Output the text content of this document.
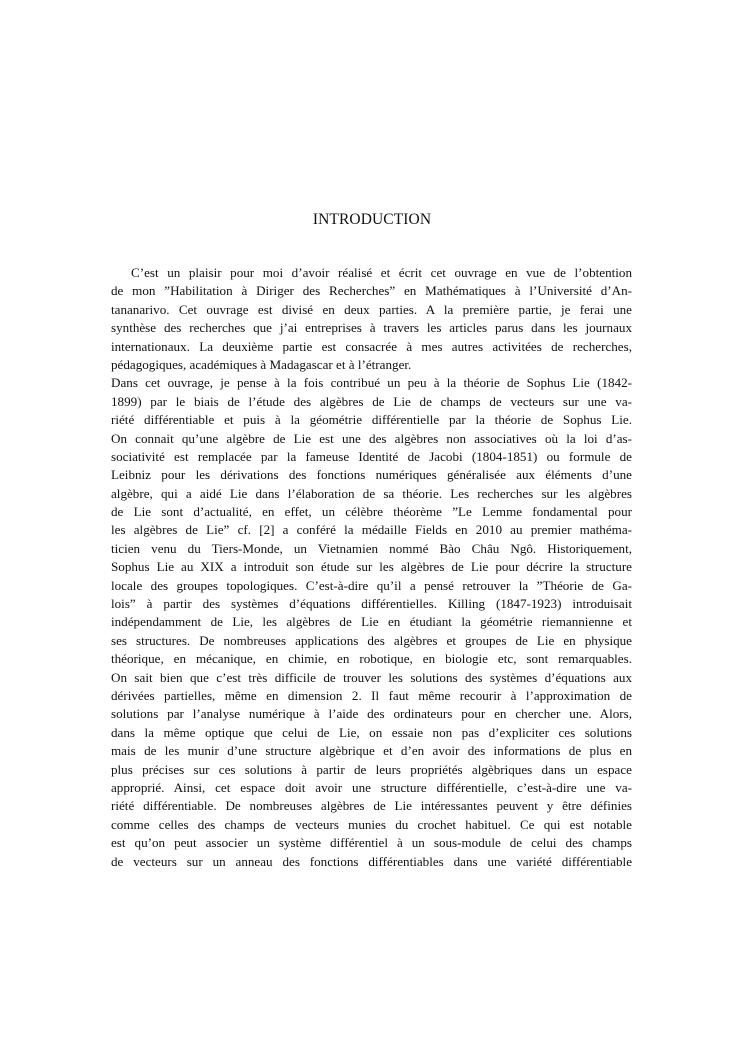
INTRODUCTION
C’est un plaisir pour moi d’avoir réalisé et écrit cet ouvrage en vue de l’obtention
de mon ”Habilitation à Diriger des Recherches” en Mathématiques à l’Université d’An-
tananarivo. Cet ouvrage est divisé en deux parties. A la première partie, je ferai une
synthèse des recherches que j’ai entreprises à travers les articles parus dans les journaux
internationaux. La deuxième partie est consacrée à mes autres activitées de recherches,
pédagogiques, académiques à Madagascar et à l’étranger.
Dans cet ouvrage, je pense à la fois contribué un peu à la théorie de Sophus Lie (1842-
1899) par le biais de l’étude des algèbres de Lie de champs de vecteurs sur une va-
riété différentiable et puis à la géométrie différentielle par la théorie de Sophus Lie.
On connait qu’une algèbre de Lie est une des algèbres non associatives où la loi d’as-
sociativité est remplacée par la fameuse Identité de Jacobi (1804-1851) ou formule de
Leibniz pour les dérivations des fonctions numériques généralisée aux éléments d’une
algèbre, qui a aidé Lie dans l’élaboration de sa théorie. Les recherches sur les algèbres
de Lie sont d’actualité, en effet, un célèbre théorème ”Le Lemme fondamental pour
les algèbres de Lie” cf. [2] a conféré la médaille Fields en 2010 au premier mathéma-
ticien venu du Tiers-Monde, un Vietnamien nommé Bào Châu Ngô. Historiquement,
Sophus Lie au XIX a introduit son étude sur les algèbres de Lie pour décrire la structure
locale des groupes topologiques. C’est-à-dire qu’il a pensé retrouver la ”Théorie de Ga-
lois” à partir des systèmes d’équations différentielles. Killing (1847-1923) introduisait
indépendamment de Lie, les algèbres de Lie en étudiant la géométrie riemannienne et
ses structures. De nombreuses applications des algèbres et groupes de Lie en physique
théorique, en mécanique, en chimie, en robotique, en biologie etc, sont remarquables.
On sait bien que c’est très difficile de trouver les solutions des systèmes d’équations aux
dérivées partielles, même en dimension 2. Il faut même recourir à l’approximation de
solutions par l’analyse numérique à l’aide des ordinateurs pour en chercher une. Alors,
dans la même optique que celui de Lie, on essaie non pas d’expliciter ces solutions
mais de les munir d’une structure algèbrique et d’en avoir des informations de plus en
plus précises sur ces solutions à partir de leurs propriétés algèbriques dans un espace
approprié. Ainsi, cet espace doit avoir une structure différentielle, c’est-à-dire une va-
riété différentiable. De nombreuses algèbres de Lie intéressantes peuvent y être définies
comme celles des champs de vecteurs munies du crochet habituel. Ce qui est notable
est qu’on peut associer un système différentiel à un sous-module de celui des champs
de vecteurs sur un anneau des fonctions différentiables dans une variété différentiable
